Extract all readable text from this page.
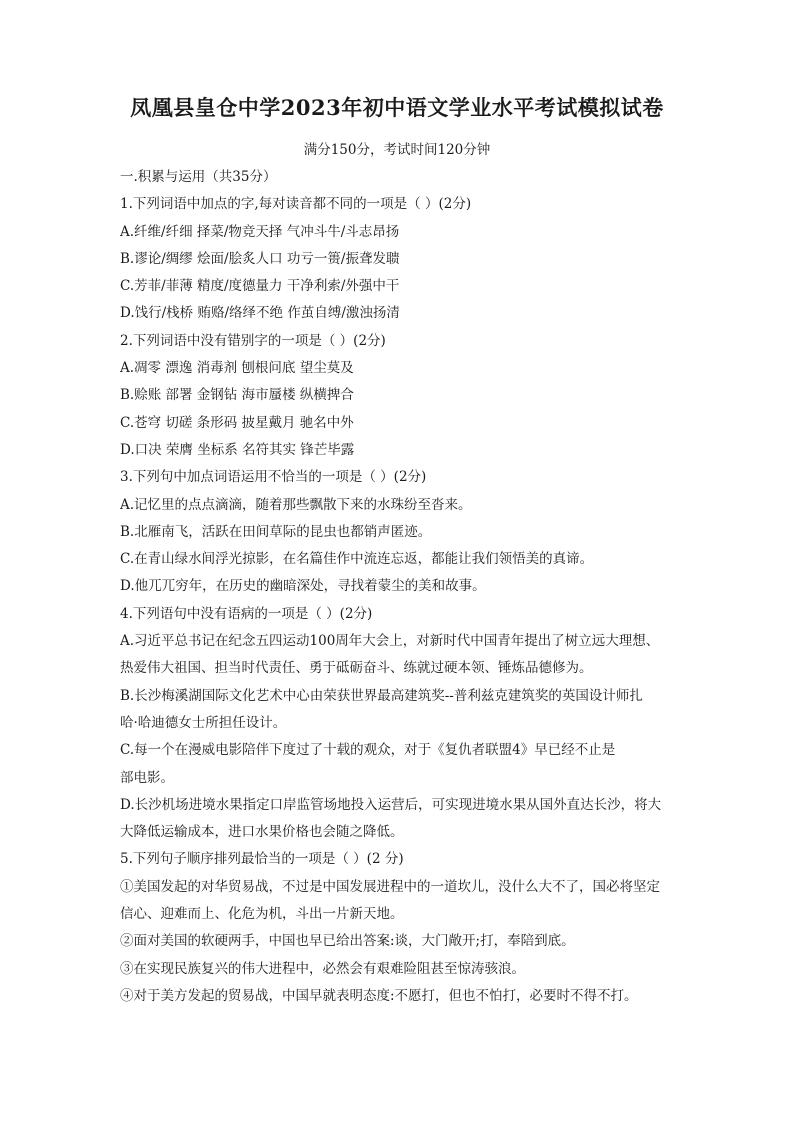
凤凰县皇仓中学2023年初中语文学业水平考试模拟试卷
满分150分，考试时间120分钟
一.积累与运用（共35分）
1.下列词语中加点的字,每对读音都不同的一项是（ ）(2分)
A.纤维/纤细 择菜/物竞天择 气冲斗牛/斗志昂扬
B.谬论/绸缪 烩面/脍炙人口 功亏一篑/振聋发聩
C.芳菲/菲薄 精度/度德量力 干净利索/外强中干
D.饯行/栈桥 贿赂/络绎不绝 作茧自缚/激浊扬清
2.下列词语中没有错别字的一项是（ ）(2分)
A.凋零 漂逸 消毒剂 刨根问底 望尘莫及
B.赊账 部署 金钢钻 海市蜃楼 纵横捭合
C.苍穹 切磋 条形码 披星戴月 驰名中外
D.口决 荣膺 坐标系 名符其实 锋芒毕露
3.下列句中加点词语运用不恰当的一项是（ ）(2分)
A.记忆里的点点滴滴，随着那些飘散下来的水珠纷至沓来。
B.北雁南飞，活跃在田间草际的昆虫也都销声匿迹。
C.在青山绿水间浮光掠影，在名篇佳作中流连忘返，都能让我们领悟美的真谛。
D.他兀兀穷年，在历史的幽暗深处，寻找着蒙尘的美和故事。
4.下列语句中没有语病的一项是（ ）(2分)
A.习近平总书记在纪念五四运动100周年大会上，对新时代中国青年提出了树立远大理想、
热爱伟大祖国、担当时代责任、勇于砥砺奋斗、练就过硬本领、锤炼品德修为。
B.长沙梅溪湖国际文化艺术中心由荣获世界最高建筑奖--普利兹克建筑奖的英国设计师扎
哈·哈迪德女士所担任设计。
C.每一个在漫威电影陪伴下度过了十载的观众，对于《复仇者联盟4》早已经不止是
部电影。
D.长沙机场进境水果指定口岸监管场地投入运营后，可实现进境水果从国外直达长沙，将大
大降低运输成本，进口水果价格也会随之降低。
5.下列句子顺序排列最恰当的一项是（ ）(2 分)
①美国发起的对华贸易战，不过是中国发展进程中的一道坎儿，没什么大不了，国必将坚定
信心、迎难而上、化危为机，斗出一片新天地。
②面对美国的软硬两手，中国也早已给出答案:谈，大门敞开;打，奉陪到底。
③在实现民族复兴的伟大进程中，必然会有艰难险阻甚至惊涛骇浪。
④对于美方发起的贸易战，中国早就表明态度:不愿打，但也不怕打，必要时不得不打。
